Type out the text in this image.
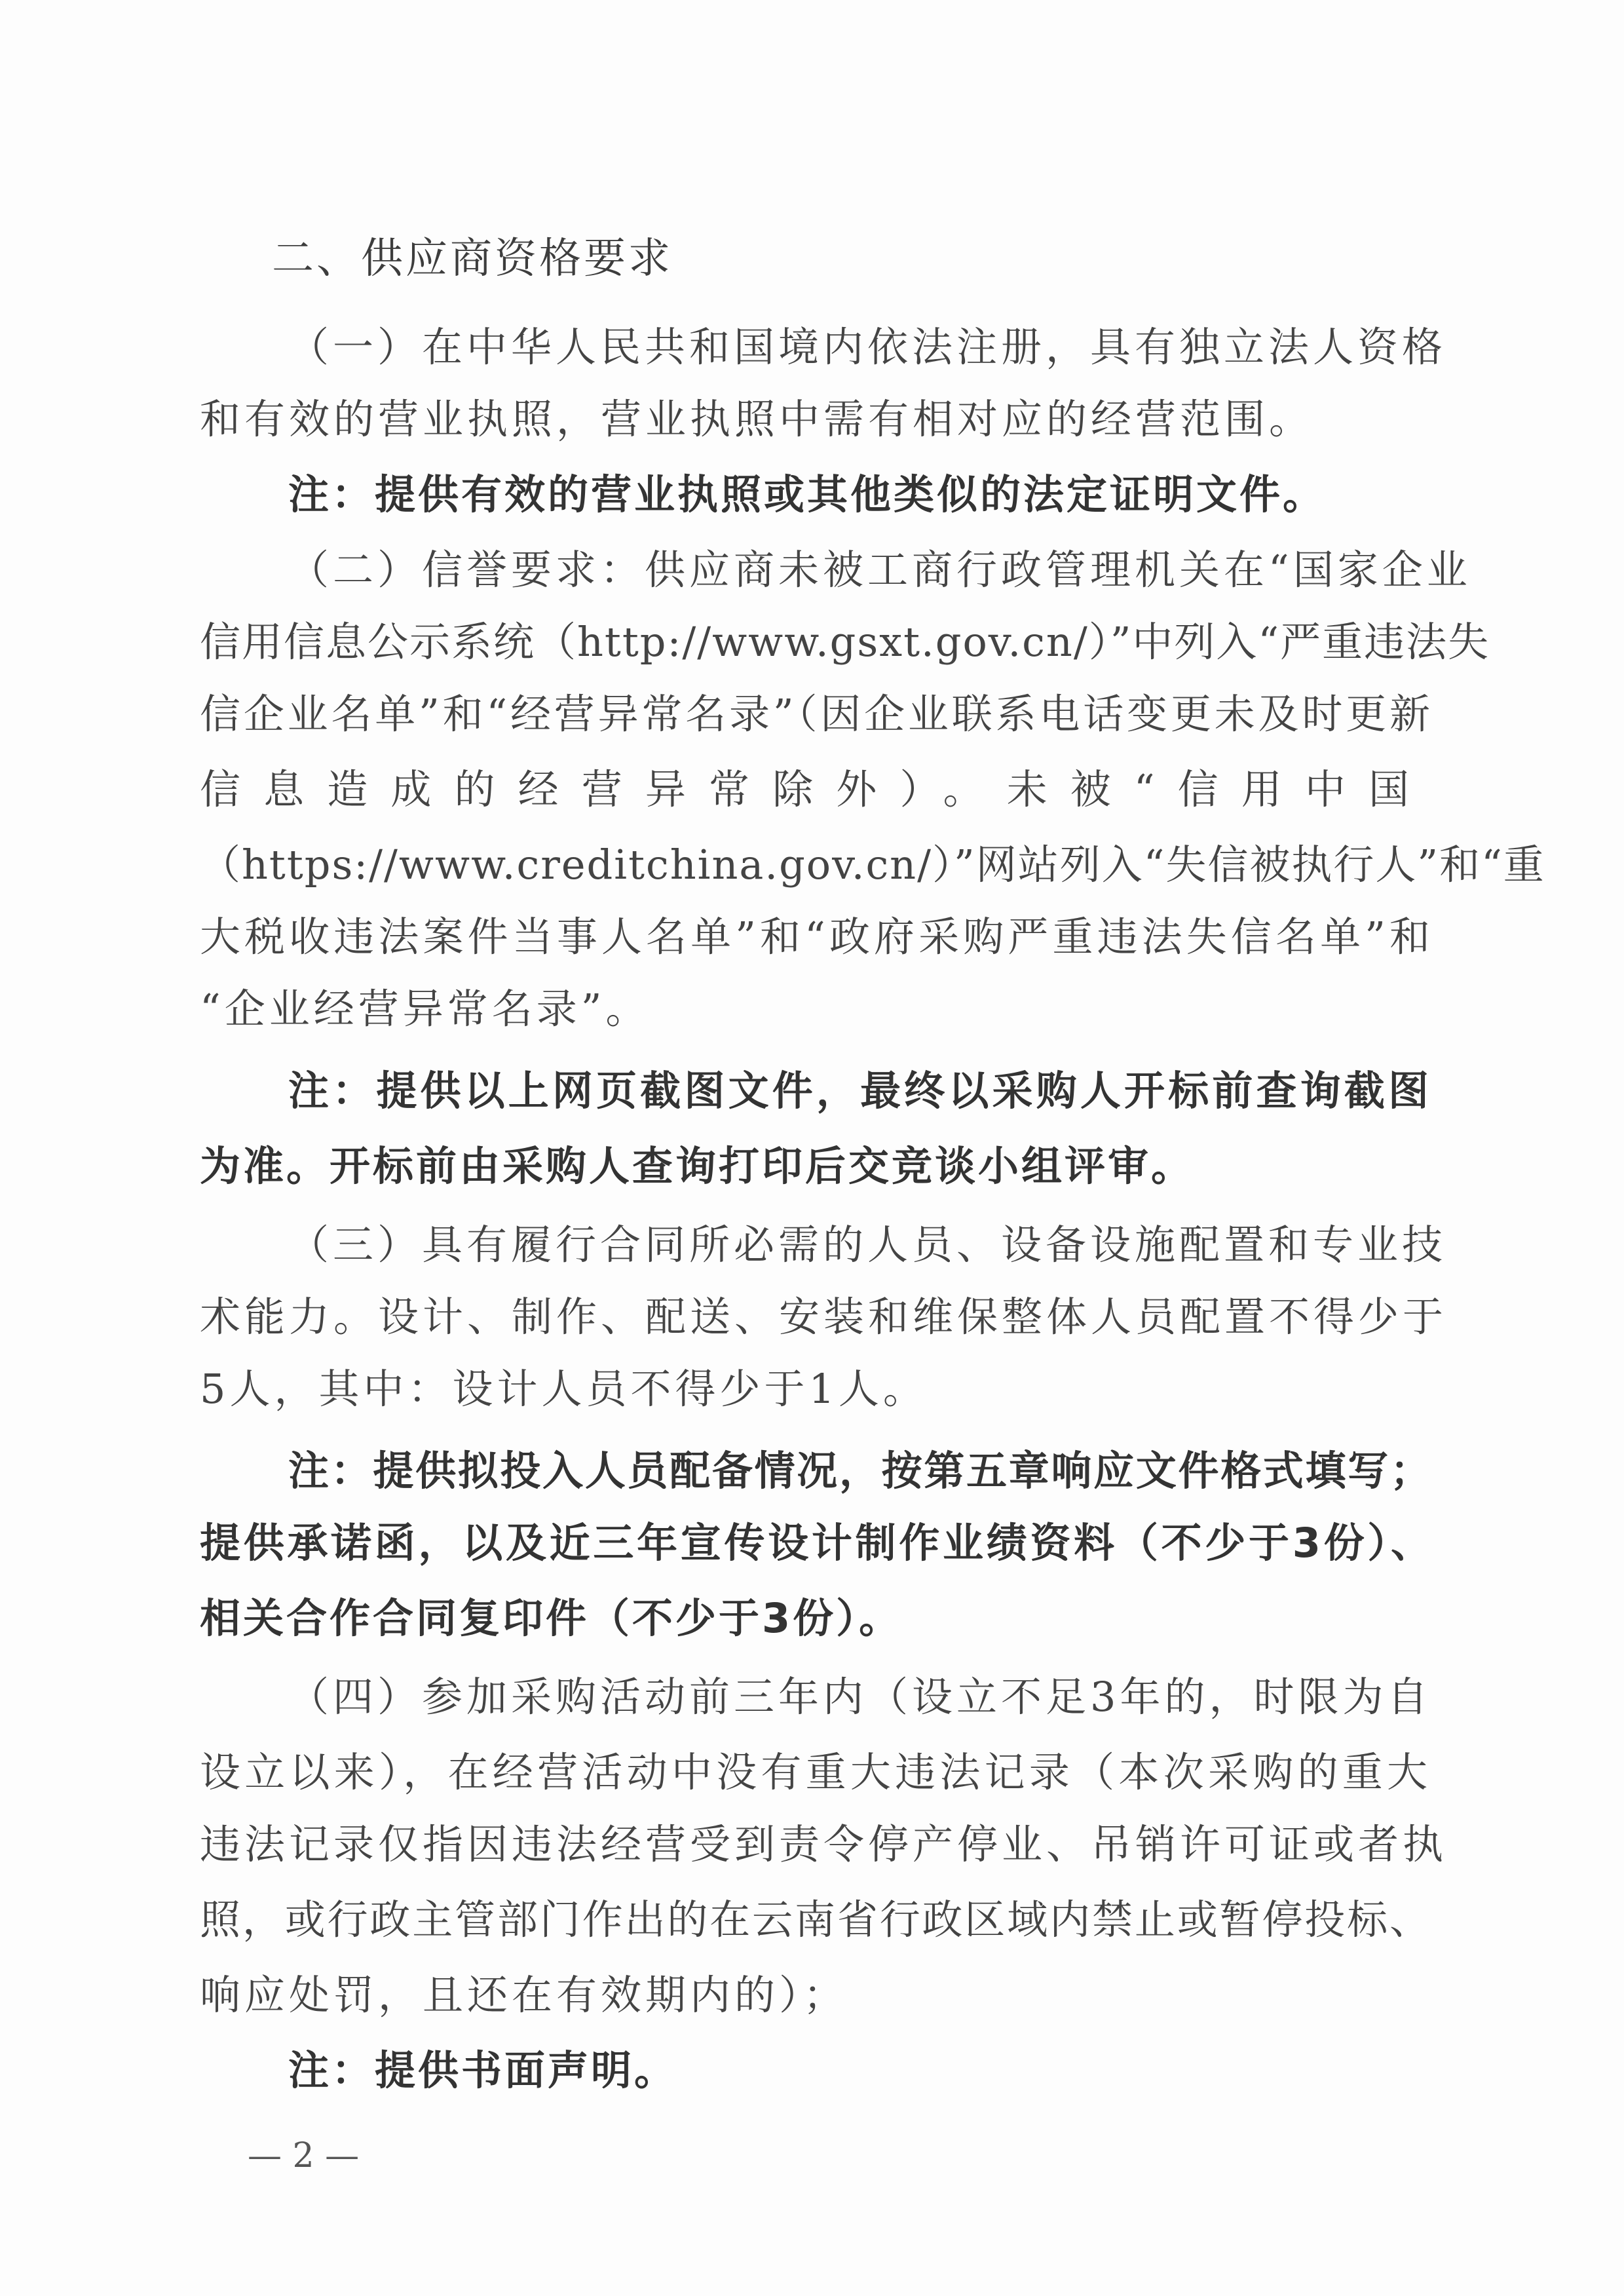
二、供应商资格要求
（一）在中华人民共和国境内依法注册，具有独立法人资格
和有效的营业执照，营业执照中需有相对应的经营范围。
注：提供有效的营业执照或其他类似的法定证明文件。
（二）信誉要求：供应商未被工商行政管理机关在“国家企业
信用信息公示系统（http://www.gsxt.gov.cn/）”中列入“严重违法失
信企业名单”和“经营异常名录”（因企业联系电话变更未及时更新
信息造成的经营异常除外）。未被“信用中国
（https://www.creditchina.gov.cn/）”网站列入“失信被执行人”和“重
大税收违法案件当事人名单”和“政府采购严重违法失信名单”和
“企业经营异常名录”。
注：提供以上网页截图文件，最终以采购人开标前查询截图
为准。开标前由采购人查询打印后交竞谈小组评审。
（三）具有履行合同所必需的人员、设备设施配置和专业技
术能力。设计、制作、配送、安装和维保整体人员配置不得少于
5人，其中：设计人员不得少于1人。
注：提供拟投入人员配备情况，按第五章响应文件格式填写；
提供承诺函，以及近三年宣传设计制作业绩资料（不少于3份）、
相关合作合同复印件（不少于3份）。
（四）参加采购活动前三年内（设立不足3年的，时限为自
设立以来），在经营活动中没有重大违法记录（本次采购的重大
违法记录仅指因违法经营受到责令停产停业、吊销许可证或者执
照，或行政主管部门作出的在云南省行政区域内禁止或暂停投标、
响应处罚，且还在有效期内的）；
注：提供书面声明。
— 2 —
